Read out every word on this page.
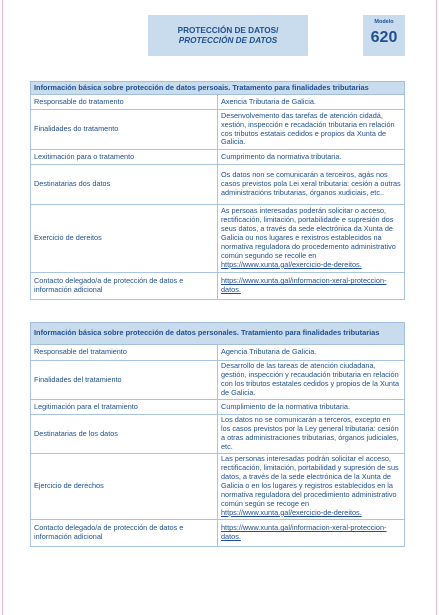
PROTECCIÓN DE DATOS/
PROTECCIÓN DE DATOS
Modelo
620
Información básica sobre protección de datos persoais. Tratamento para finalidades tributarias	
Responsable do tratamento	Axencia Tributaria de Galicia.
Finalidades do tratamento	Desenvolvemento das tarefas de atención cidadá, xestión, inspección e recadación tributaria en relación cos tributos estatais cedidos e propios da Xunta de Galicia.
Lexitimación para o tratamento	Cumprimento da normativa tributaria.
Destinatarias dos datos	Os datos non se comunicarán a terceiros, agás nos casos previstos pola Lei xeral tributaria: cesión a outras administracións tributarias, órganos xudiciais, etc..
Exercicio de dereitos	As persoas interesadas poderán solicitar o acceso, rectificación, limitación, portabilidade e supresión dos seus datos, a través da sede electrónica da Xunta de Galicia ou nos lugares e rexistros establecidos na normativa reguladora do procedemento administrativo común segundo se recolle en https://www.xunta.gal/exercicio-de-dereitos.
Contacto delegado/a de protección de datos e información adicional	https://www.xunta.gal/informacion-xeral-proteccion-datos.
Información básica sobre protección de datos personales. Tratamiento para finalidades tributarias	
Responsable del tratamiento	Agencia Tributaria de Galicia.
Finalidades del tratamiento	Desarrollo de las tareas de atención ciudadana, gestión, inspección y recaudación tributaria en relación con los tributos estatales cedidos y propios de la Xunta de Galicia.
Legitimación para el tratamiento	Cumplimiento de la normativa tributaria.
Destinatarias de los datos	Los datos no se comunicarán a terceros, excepto en los casos previstos por la Ley general tributaria: cesión a otras administraciones tributarias, órganos judiciales, etc.
Ejercicio de derechos	Las personas interesadas podrán solicitar el acceso, rectificación, limitación, portabilidad y supresión de sus datos, a través de la sede electrónica de la Xunta de Galicia o en los lugares y registros establecidos en la normativa reguladora del procedimiento administrativo común según se recoge en https://www.xunta.gal/exercicio-de-dereitos.
Contacto delegado/a de protección de datos e información adicional	https://www.xunta.gal/informacion-xeral-proteccion-datos.
